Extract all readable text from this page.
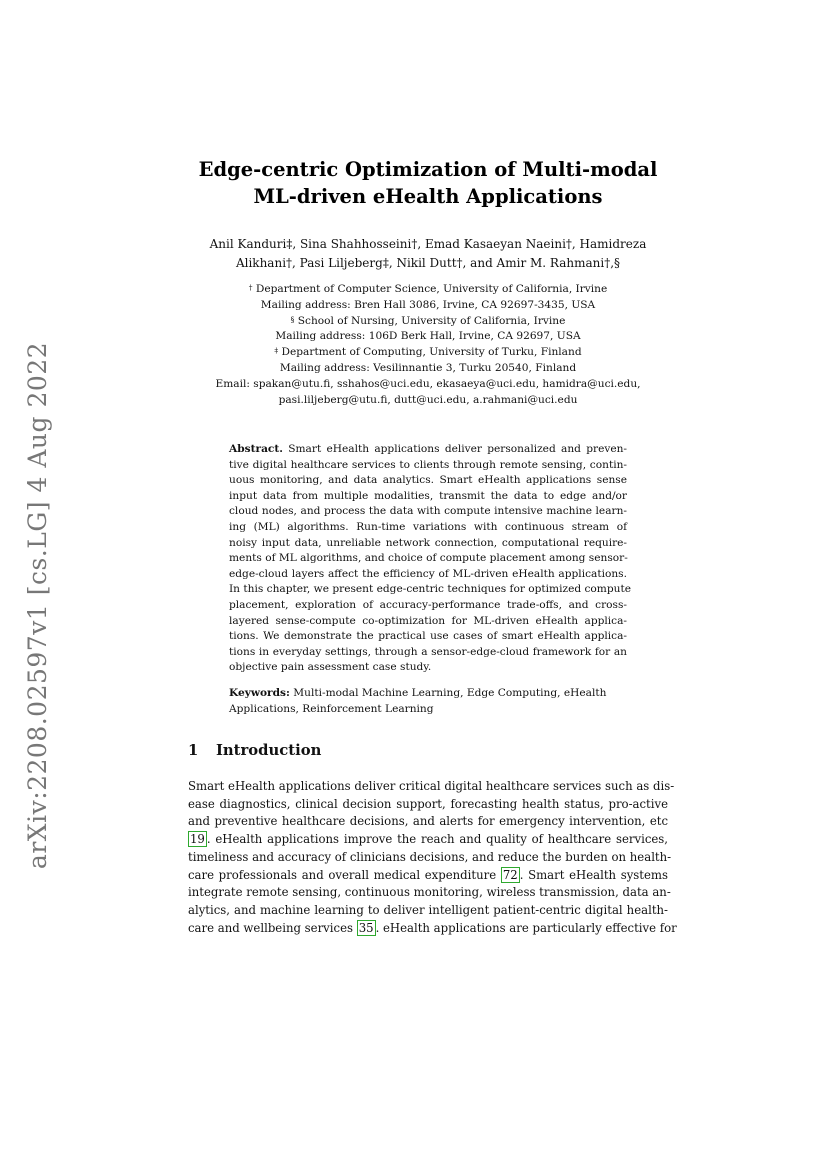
arXiv:2208.02597v1 [cs.LG] 4 Aug 2022
Edge-centric Optimization of Multi-modal
ML-driven eHealth Applications
Anil Kanduri‡, Sina Shahhosseini†, Emad Kasaeyan Naeini†, Hamidreza
Alikhani†, Pasi Liljeberg‡, Nikil Dutt†, and Amir M. Rahmani†,§
† Department of Computer Science, University of California, Irvine
Mailing address: Bren Hall 3086, Irvine, CA 92697-3435, USA
§ School of Nursing, University of California, Irvine
Mailing address: 106D Berk Hall, Irvine, CA 92697, USA
‡ Department of Computing, University of Turku, Finland
Mailing address: Vesilinnantie 3, Turku 20540, Finland
Email: spakan@utu.fi, sshahos@uci.edu, ekasaeya@uci.edu, hamidra@uci.edu,
pasi.liljeberg@utu.fi, dutt@uci.edu, a.rahmani@uci.edu
Abstract. Smart eHealth applications deliver personalized and preven-
tive digital healthcare services to clients through remote sensing, contin-
uous monitoring, and data analytics. Smart eHealth applications sense
input data from multiple modalities, transmit the data to edge and/or
cloud nodes, and process the data with compute intensive machine learn-
ing (ML) algorithms. Run-time variations with continuous stream of
noisy input data, unreliable network connection, computational require-
ments of ML algorithms, and choice of compute placement among sensor-
edge-cloud layers affect the efficiency of ML-driven eHealth applications.
In this chapter, we present edge-centric techniques for optimized compute
placement, exploration of accuracy-performance trade-offs, and cross-
layered sense-compute co-optimization for ML-driven eHealth applica-
tions. We demonstrate the practical use cases of smart eHealth applica-
tions in everyday settings, through a sensor-edge-cloud framework for an
objective pain assessment case study.
Keywords: Multi-modal Machine Learning, Edge Computing, eHealth
Applications, Reinforcement Learning
1 Introduction
Smart eHealth applications deliver critical digital healthcare services such as dis-
ease diagnostics, clinical decision support, forecasting health status, pro-active
and preventive healthcare decisions, and alerts for emergency intervention, etc
19 . eHealth applications improve the reach and quality of healthcare services,
timeliness and accuracy of clinicians decisions, and reduce the burden on health-
care professionals and overall medical expenditure 72 . Smart eHealth systems
integrate remote sensing, continuous monitoring, wireless transmission, data an-
alytics, and machine learning to deliver intelligent patient-centric digital health-
care and wellbeing services 35 . eHealth applications are particularly effective for
